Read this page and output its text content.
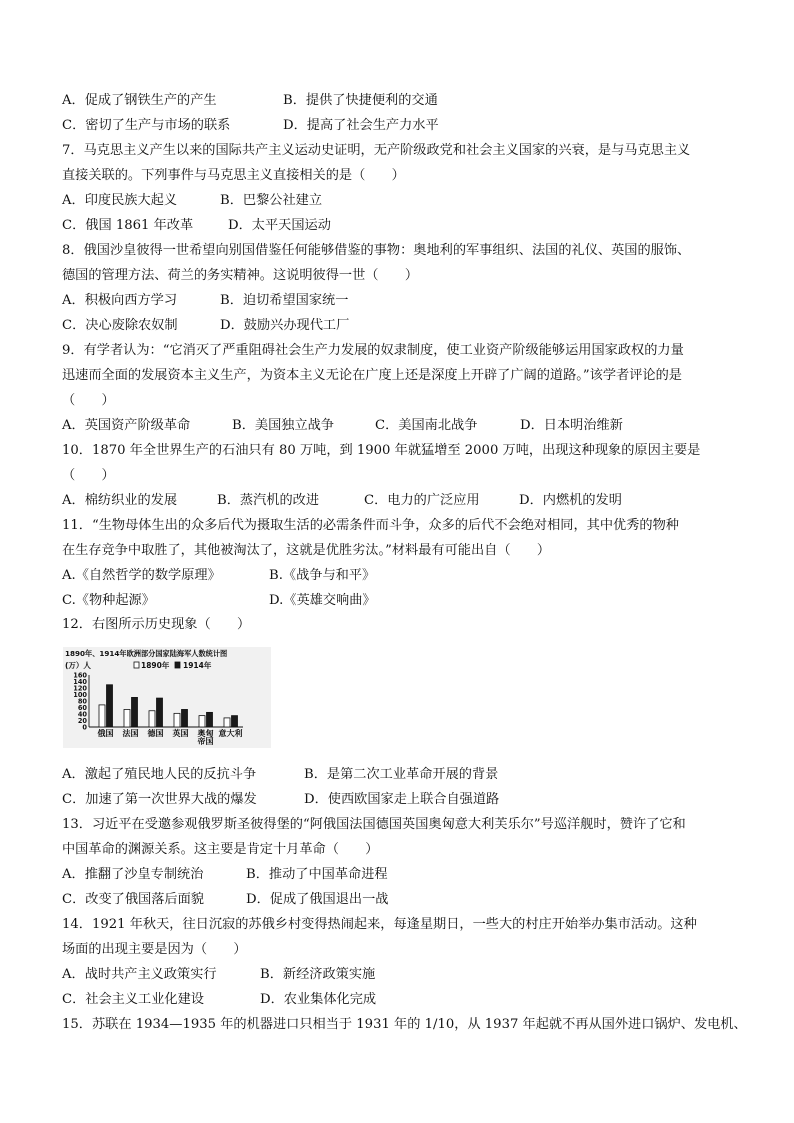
A．促成了钢铁生产的产生	B．提供了快捷便利的交通
C．密切了生产与市场的联系	D．提高了社会生产力水平
7．马克思主义产生以来的国际共产主义运动史证明，无产阶级政党和社会主义国家的兴衰，是与马克思主义
直接关联的。下列事件与马克思主义直接相关的是（　　）
A．印度民族大起义	B．巴黎公社建立
C．俄国 1861 年改革	D．太平天国运动
8．俄国沙皇彼得一世希望向别国借鉴任何能够借鉴的事物：奥地利的军事组织、法国的礼仪、英国的服饰、
德国的管理方法、荷兰的务实精神。这说明彼得一世（　　）
A．积极向西方学习	B．迫切希望国家统一
C．决心废除农奴制	D．鼓励兴办现代工厂
9．有学者认为：“它消灭了严重阻碍社会生产力发展的奴隶制度，使工业资产阶级能够运用国家政权的力量
迅速而全面的发展资本主义生产，为资本主义无论在广度上还是深度上开辟了广阔的道路。”该学者评论的是
（　　）
A．英国资产阶级革命	B．美国独立战争	C．美国南北战争	D．日本明治维新
10．1870 年全世界生产的石油只有 80 万吨，到 1900 年就猛增至 2000 万吨，出现这种现象的原因主要是
（　　）
A．棉纺织业的发展	B．蒸汽机的改进	C．电力的广泛应用	D．内燃机的发明
11．“生物母体生出的众多后代为摄取生活的必需条件而斗争，众多的后代不会绝对相同，其中优秀的物种
在生存竞争中取胜了，其他被淘汰了，这就是优胜劣汰。”材料最有可能出自（　　）
A.《自然哲学的数学原理》	B.《战争与和平》
C.《物种起源》	D.《英雄交响曲》
12．右图所示历史现象（　　）
1890年、1914年欧洲部分国家陆海军人数统计图
(万）人	1890年 1914年
160
140
120
100
80
60
40
20
0
俄国 法国 德国 英国 奥匈
帝国
意大利
A．激起了殖民地人民的反抗斗争	B．是第二次工业革命开展的背景
C．加速了第一次世界大战的爆发	D．使西欧国家走上联合自强道路
13．习近平在受邀参观俄罗斯圣彼得堡的“阿俄国法国德国英国奥匈意大利芙乐尔”号巡洋舰时，赞许了它和
中国革命的渊源关系。这主要是肯定十月革命（　　）
A．推翻了沙皇专制统治	B．推动了中国革命进程
C．改变了俄国落后面貌	D．促成了俄国退出一战
14．1921 年秋天，往日沉寂的苏俄乡村变得热闹起来，每逢星期日，一些大的村庄开始举办集市活动。这种
场面的出现主要是因为（　　）
A．战时共产主义政策实行	B．新经济政策实施
C．社会主义工业化建设	D．农业集体化完成
15．苏联在 1934—1935 年的机器进口只相当于 1931 年的 1/10，从 1937 年起就不再从国外进口锅炉、发电机、
